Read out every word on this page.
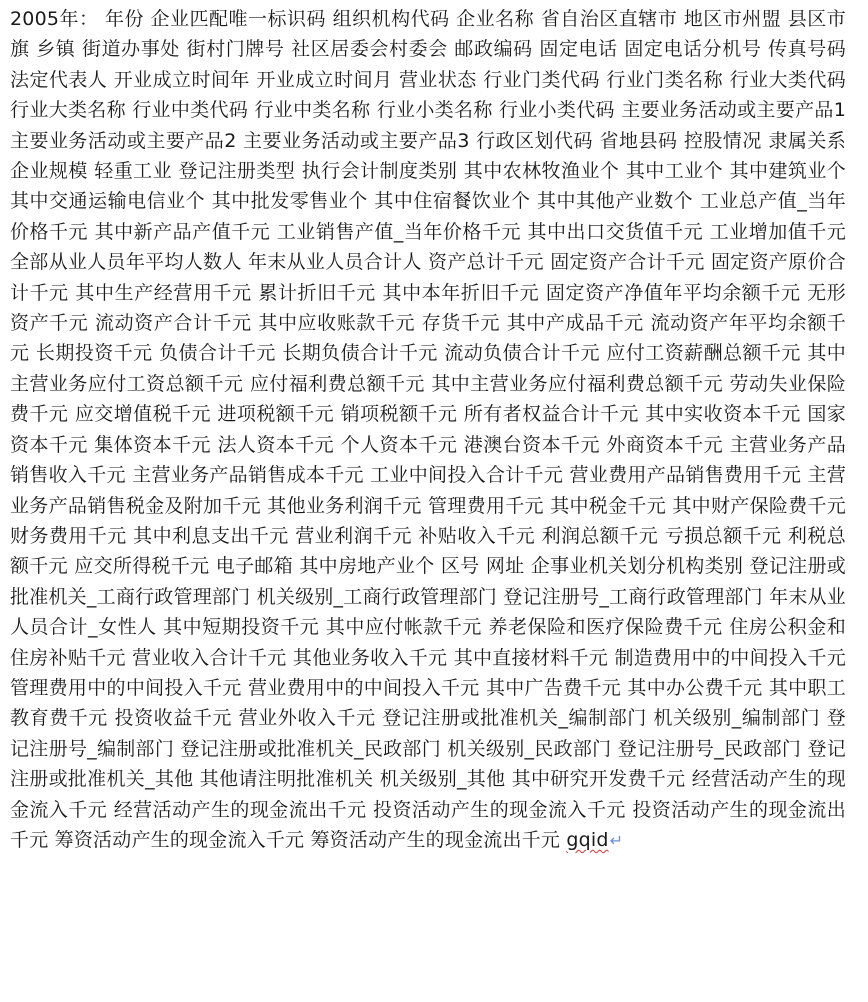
2005年： 年份 企业匹配唯一标识码 组织机构代码 企业名称 省自治区直辖市 地区市州盟 县区市旗 乡镇 街道办事处 街村门牌号 社区居委会村委会 邮政编码 固定电话 固定电话分机号 传真号码 法定代表人 开业成立时间年 开业成立时间月 营业状态 行业门类代码 行业门类名称 行业大类代码 行业大类名称 行业中类代码 行业中类名称 行业小类名称 行业小类代码 主要业务活动或主要产品1 主要业务活动或主要产品2 主要业务活动或主要产品3 行政区划代码 省地县码 控股情况 隶属关系 企业规模 轻重工业 登记注册类型 执行会计制度类别 其中农林牧渔业个 其中工业个 其中建筑业个 其中交通运输电信业个 其中批发零售业个 其中住宿餐饮业个 其中其他产业数个 工业总产值_当年价格千元 其中新产品产值千元 工业销售产值_当年价格千元 其中出口交货值千元 工业增加值千元 全部从业人员年平均人数人 年末从业人员合计人 资产总计千元 固定资产合计千元 固定资产原价合计千元 其中生产经营用千元 累计折旧千元 其中本年折旧千元 固定资产净值年平均余额千元 无形资产千元 流动资产合计千元 其中应收账款千元 存货千元 其中产成品千元 流动资产年平均余额千元 长期投资千元 负债合计千元 长期负债合计千元 流动负债合计千元 应付工资薪酬总额千元 其中主营业务应付工资总额千元 应付福利费总额千元 其中主营业务应付福利费总额千元 劳动失业保险费千元 应交增值税千元 进项税额千元 销项税额千元 所有者权益合计千元 其中实收资本千元 国家资本千元 集体资本千元 法人资本千元 个人资本千元 港澳台资本千元 外商资本千元 主营业务产品销售收入千元 主营业务产品销售成本千元 工业中间投入合计千元 营业费用产品销售费用千元 主营业务产品销售税金及附加千元 其他业务利润千元 管理费用千元 其中税金千元 其中财产保险费千元 财务费用千元 其中利息支出千元 营业利润千元 补贴收入千元 利润总额千元 亏损总额千元 利税总额千元 应交所得税千元 电子邮箱 其中房地产业个 区号 网址 企事业机关划分机构类别 登记注册或批准机关_工商行政管理部门 机关级别_工商行政管理部门 登记注册号_工商行政管理部门 年末从业人员合计_女性人 其中短期投资千元 其中应付帐款千元 养老保险和医疗保险费千元 住房公积金和住房补贴千元 营业收入合计千元 其他业务收入千元 其中直接材料千元 制造费用中的中间投入千元 管理费用中的中间投入千元 营业费用中的中间投入千元 其中广告费千元 其中办公费千元 其中职工教育费千元 投资收益千元 营业外收入千元 登记注册或批准机关_编制部门 机关级别_编制部门 登记注册号_编制部门 登记注册或批准机关_民政部门 机关级别_民政部门 登记注册号_民政部门 登记注册或批准机关_其他 其他请注明批准机关 机关级别_其他 其中研究开发费千元 经营活动产生的现金流入千元 经营活动产生的现金流出千元 投资活动产生的现金流入千元 投资活动产生的现金流出千元 筹资活动产生的现金流入千元 筹资活动产生的现金流出千元 gqid↵
